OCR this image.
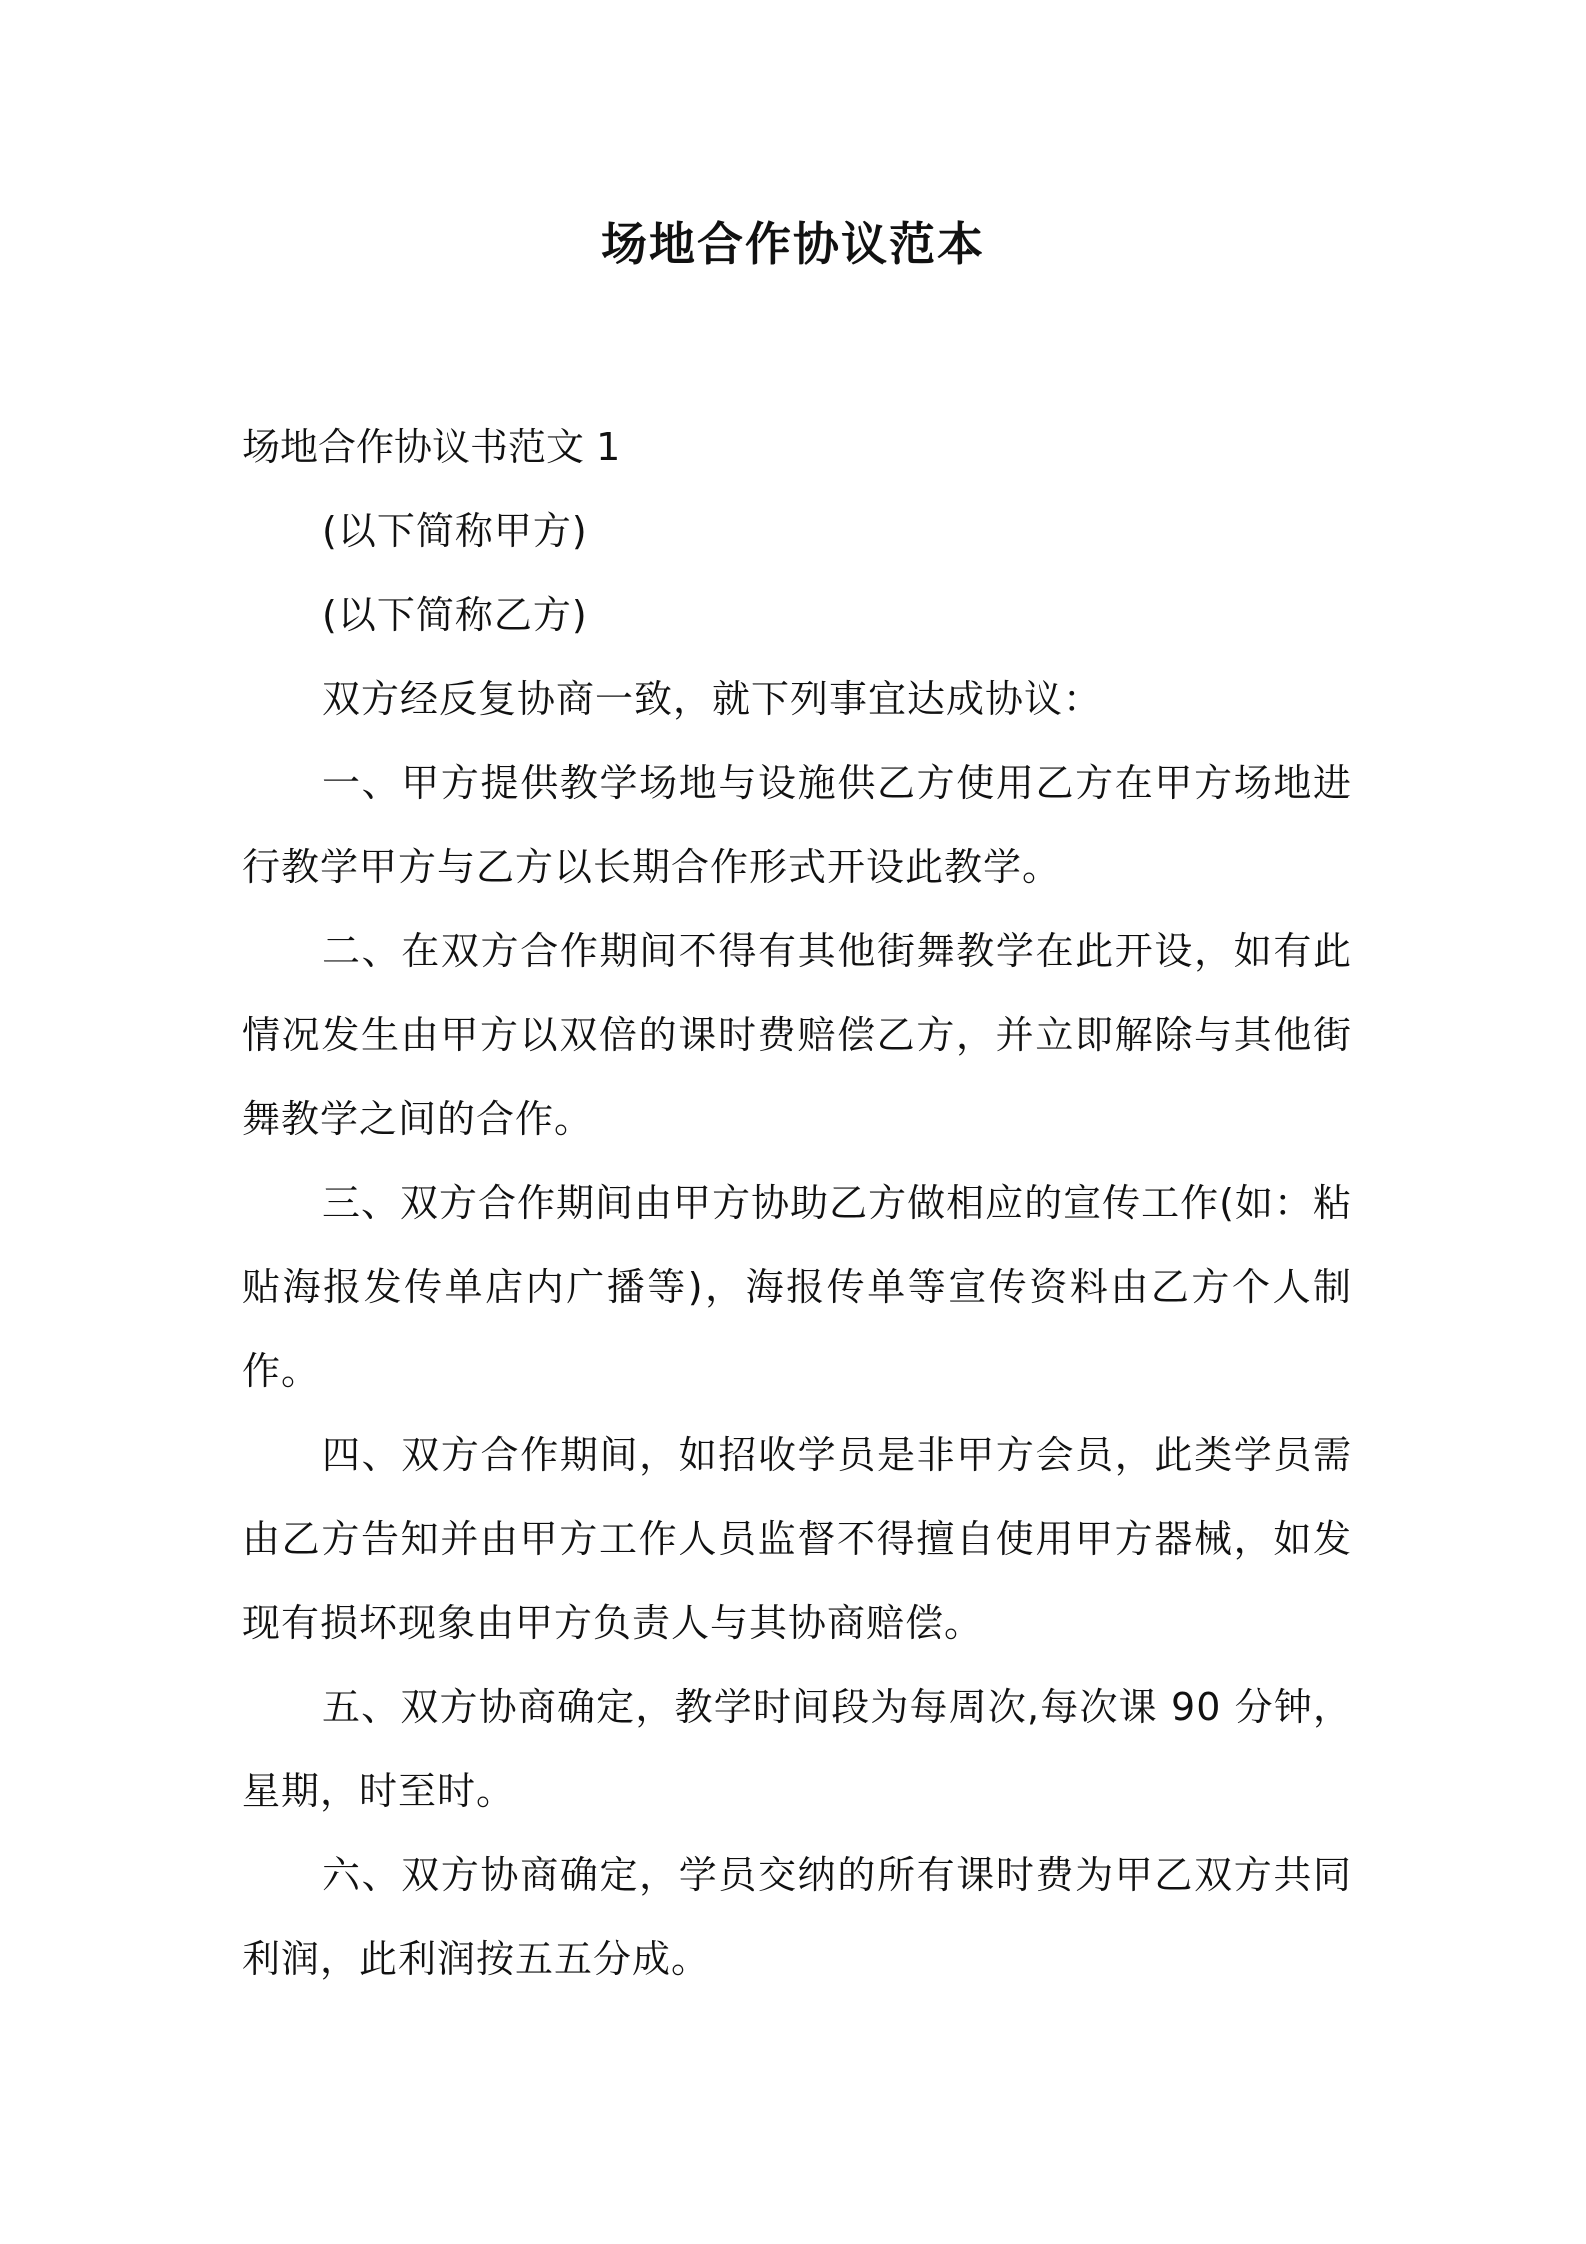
场地合作协议范本

场地合作协议书范文 1

(以下简称甲方)

(以下简称乙方)

双方经反复协商一致，就下列事宜达成协议：

一、甲方提供教学场地与设施供乙方使用乙方在甲方场地进行教学甲方与乙方以长期合作形式开设此教学。

二、在双方合作期间不得有其他街舞教学在此开设，如有此情况发生由甲方以双倍的课时费赔偿乙方，并立即解除与其他街舞教学之间的合作。

三、双方合作期间由甲方协助乙方做相应的宣传工作(如：粘贴海报发传单店内广播等)，海报传单等宣传资料由乙方个人制作。

四、双方合作期间，如招收学员是非甲方会员，此类学员需由乙方告知并由甲方工作人员监督不得擅自使用甲方器械，如发现有损坏现象由甲方负责人与其协商赔偿。

五、双方协商确定，教学时间段为每周次,每次课 90 分钟，星期，时至时。

六、双方协商确定，学员交纳的所有课时费为甲乙双方共同利润，此利润按五五分成。
